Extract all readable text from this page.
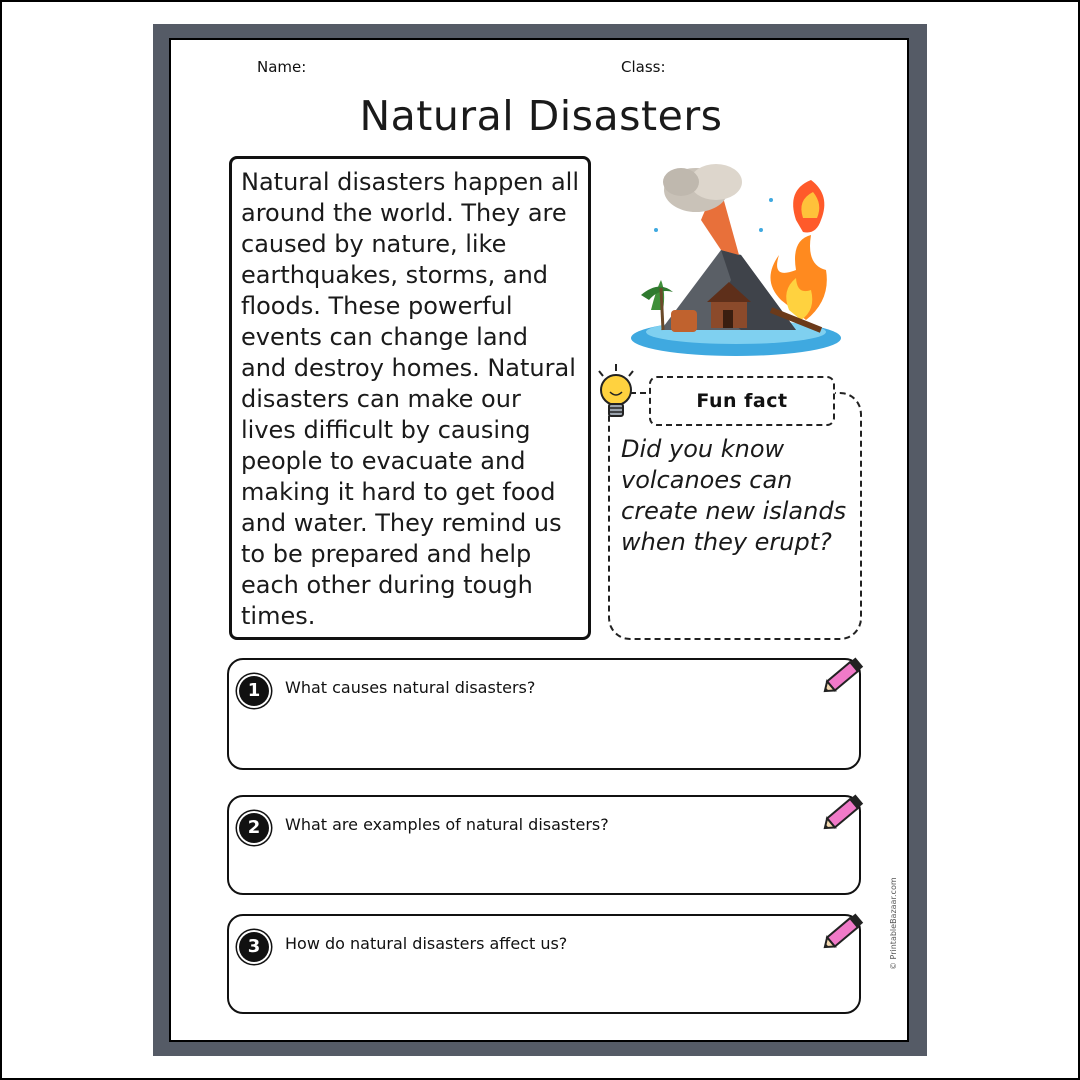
Name:	Class:
Natural Disasters

Natural disasters happen all around the world. They are caused by nature, like earthquakes, storms, and floods. These powerful events can change land and destroy homes. Natural disasters can make our lives difficult by causing people to evacuate and making it hard to get food and water. They remind us to be prepared and help each other during tough times.

Fun fact
Did you know volcanoes can create new islands when they erupt?
1	What causes natural disasters?
2	What are examples of natural disasters?
3	How do natural disasters affect us?	© PrintableBazaar.com
